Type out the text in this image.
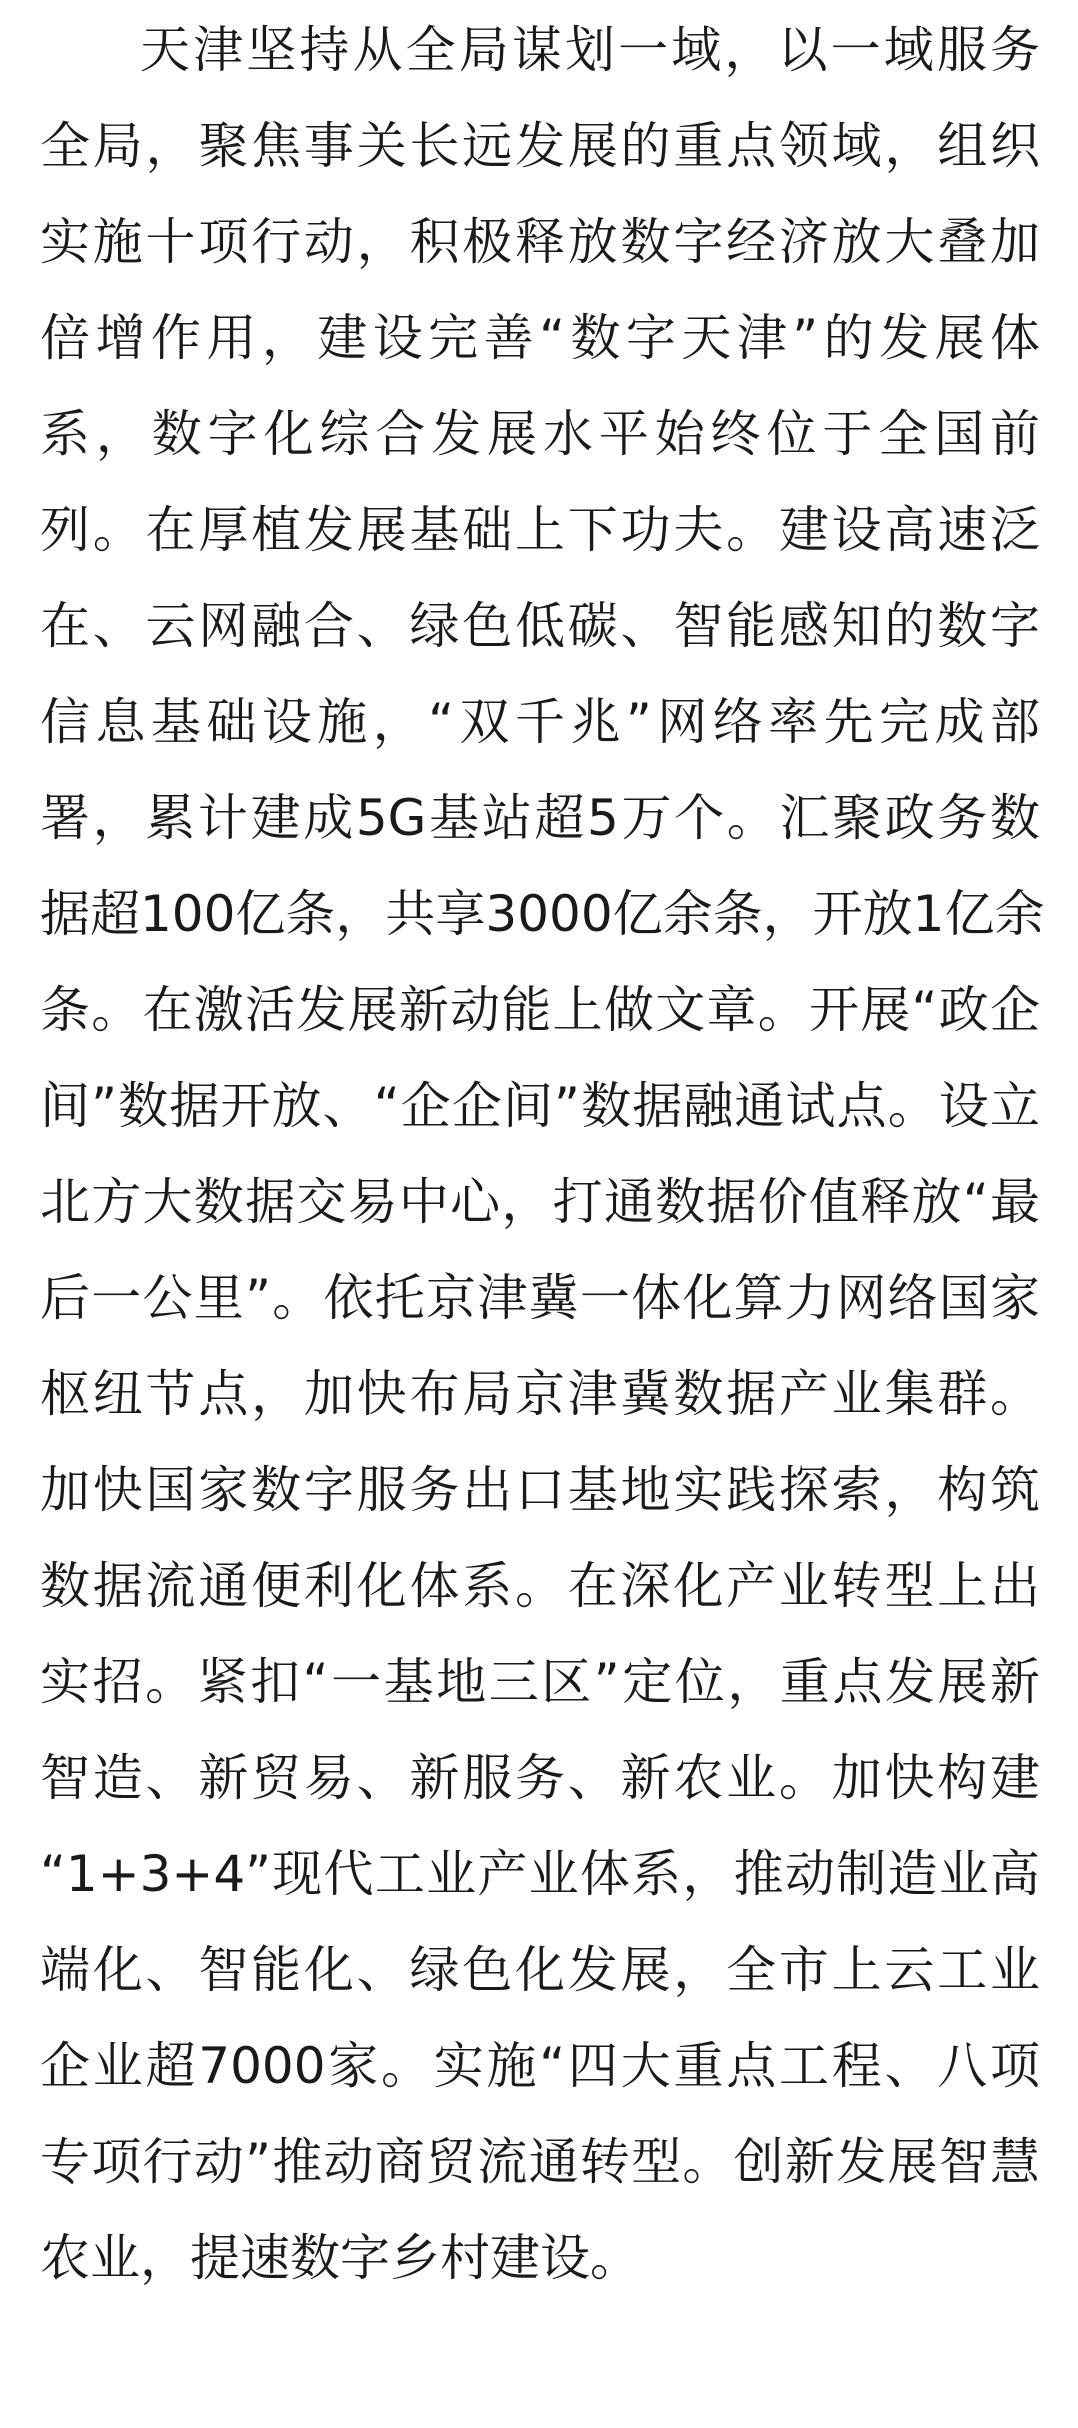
天津坚持从全局谋划一域，以一域服务
全局，聚焦事关长远发展的重点领域，组织
实施十项行动，积极释放数字经济放大叠加
倍增作用，建设完善“数字天津”的发展体
系，数字化综合发展水平始终位于全国前
列。在厚植发展基础上下功夫。建设高速泛
在、云网融合、绿色低碳、智能感知的数字
信息基础设施，“双千兆”网络率先完成部
署，累计建成5G基站超5万个。汇聚政务数
据超100亿条，共享3000亿余条，开放1亿余
条。在激活发展新动能上做文章。开展“政企
间”数据开放、“企企间”数据融通试点。设立
北方大数据交易中心，打通数据价值释放“最
后一公里”。依托京津冀一体化算力网络国家
枢纽节点，加快布局京津冀数据产业集群。
加快国家数字服务出口基地实践探索，构筑
数据流通便利化体系。在深化产业转型上出
实招。紧扣“一基地三区”定位，重点发展新
智造、新贸易、新服务、新农业。加快构建
“1+3+4”现代工业产业体系，推动制造业高
端化、智能化、绿色化发展，全市上云工业
企业超7000家。实施“四大重点工程、八项
专项行动”推动商贸流通转型。创新发展智慧
农业，提速数字乡村建设。
